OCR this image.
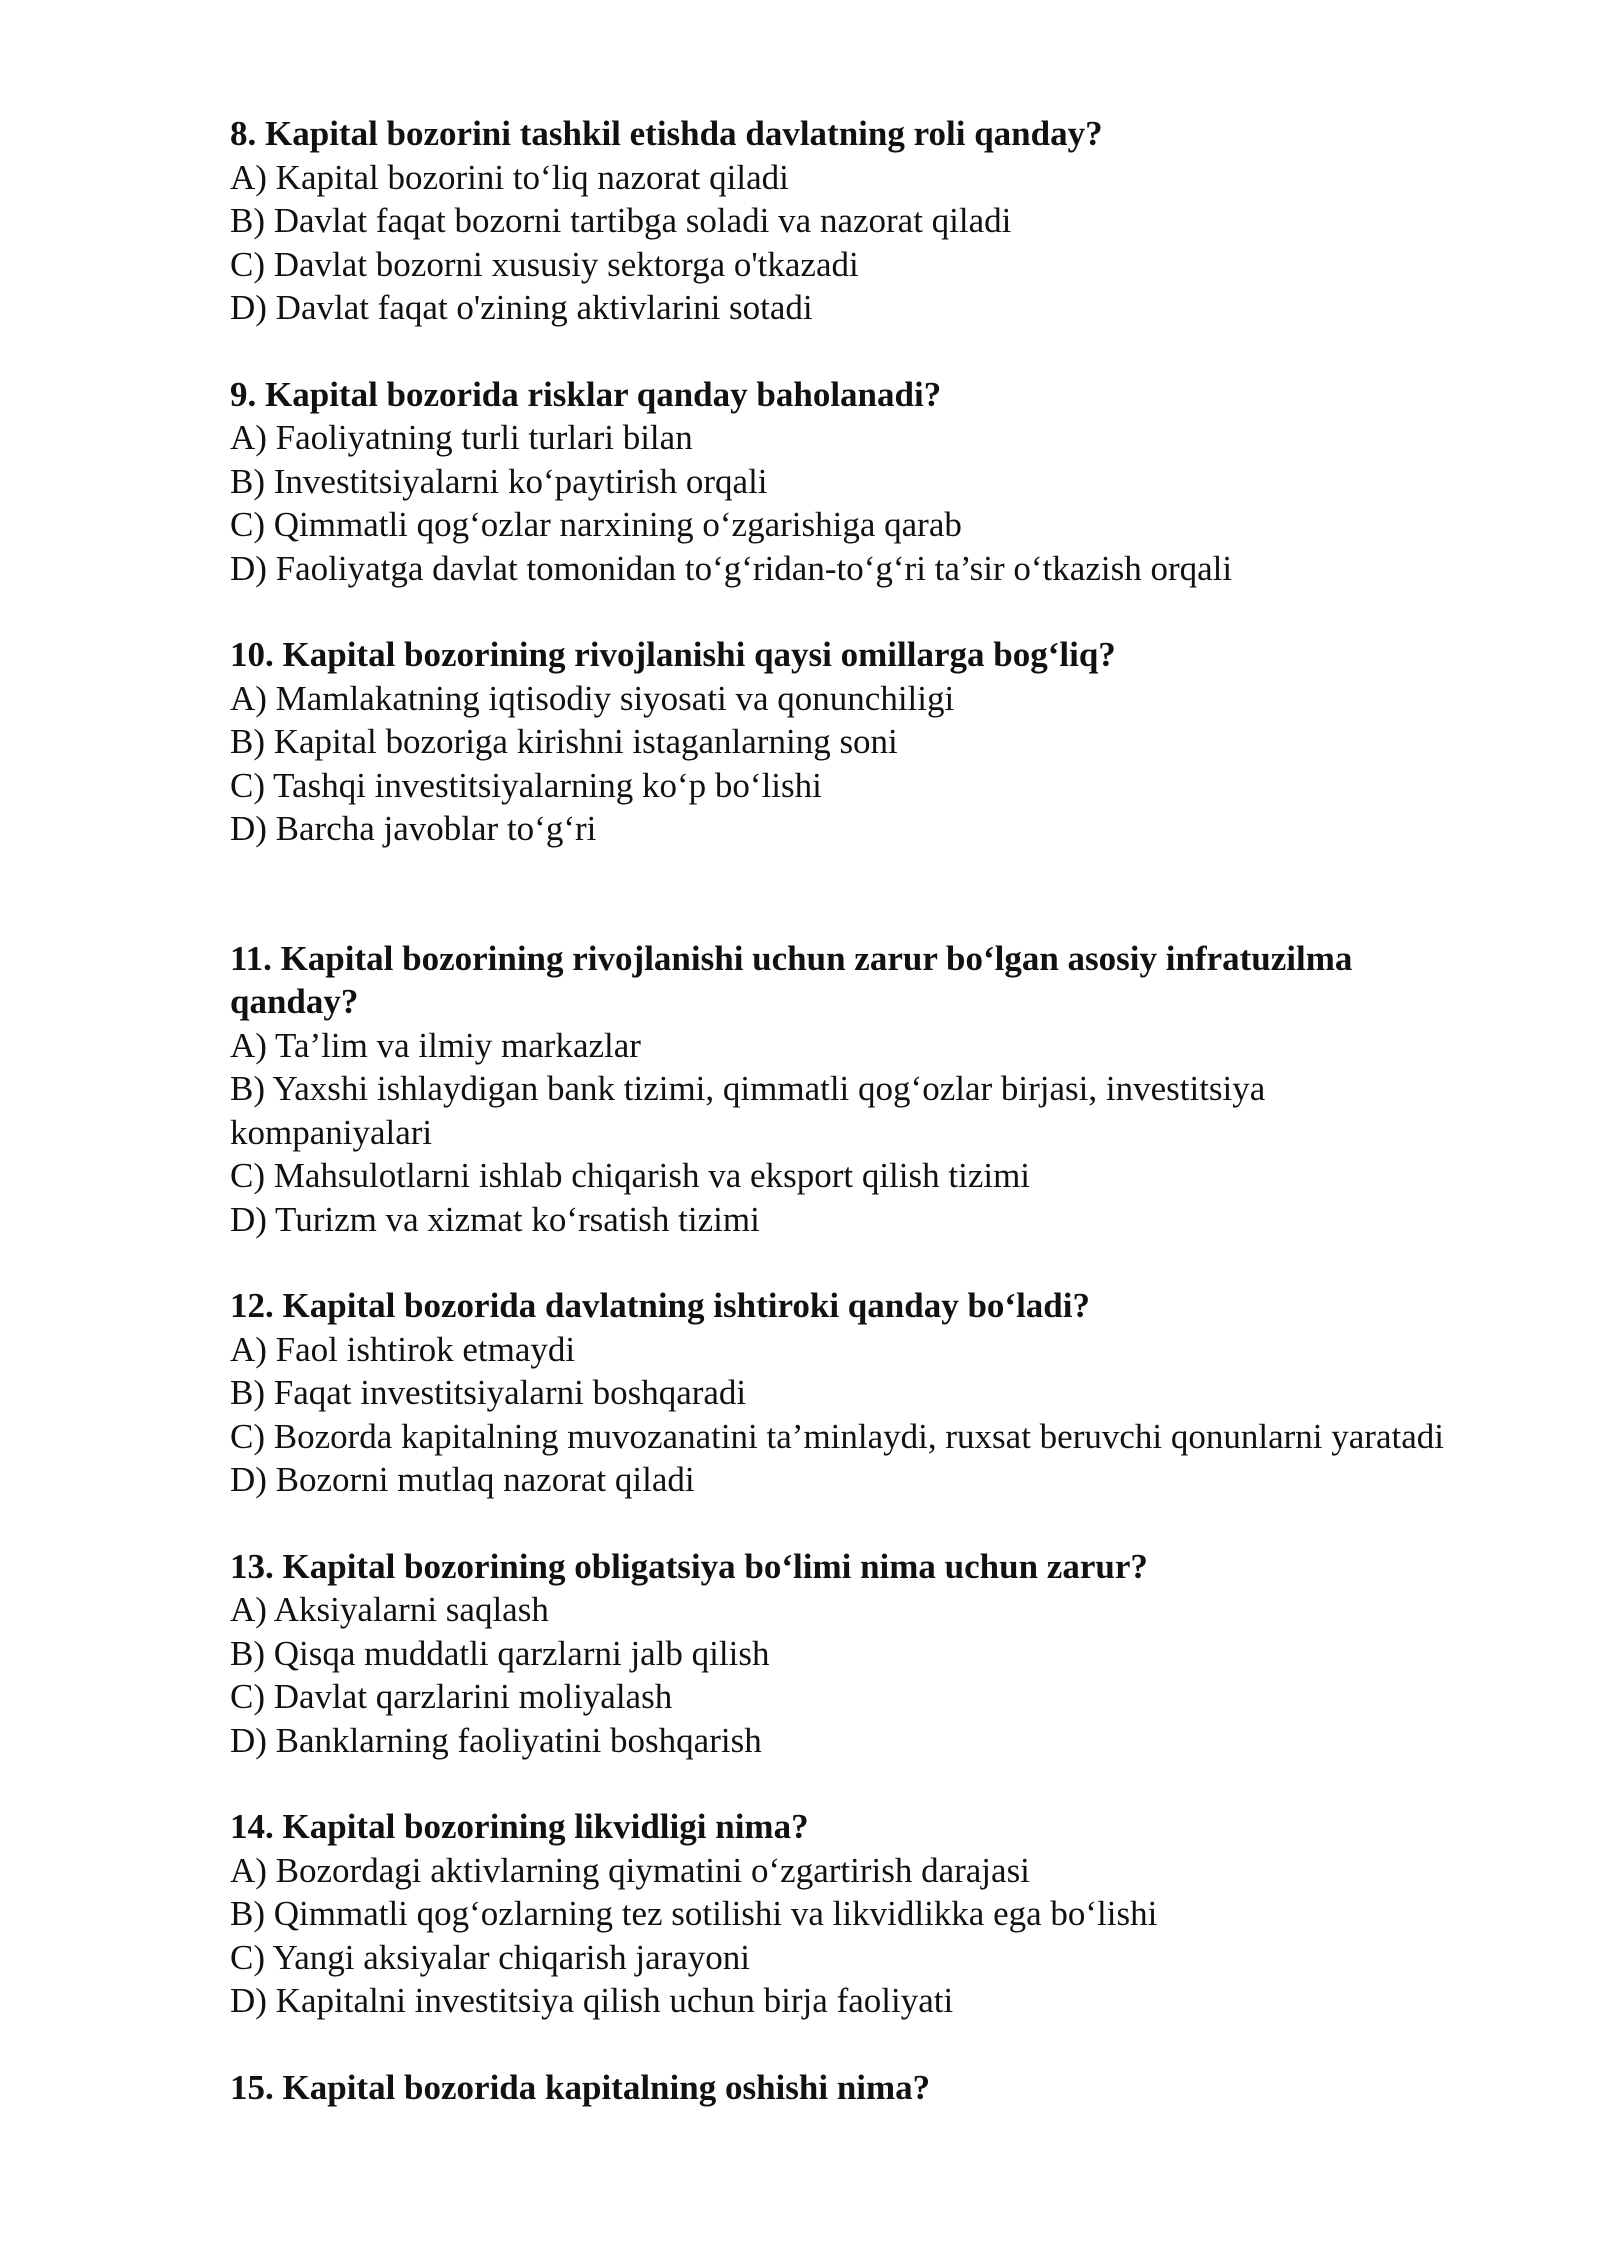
8. Kapital bozorini tashkil etishda davlatning roli qanday?

A) Kapital bozorini to‘liq nazorat qiladi

B) Davlat faqat bozorni tartibga soladi va nazorat qiladi

C) Davlat bozorni xususiy sektorga o'tkazadi

D) Davlat faqat o'zining aktivlarini sotadi

9. Kapital bozorida risklar qanday baholanadi?

A) Faoliyatning turli turlari bilan

B) Investitsiyalarni ko‘paytirish orqali

C) Qimmatli qog‘ozlar narxining o‘zgarishiga qarab

D) Faoliyatga davlat tomonidan to‘g‘ridan-to‘g‘ri ta’sir o‘tkazish orqali

10. Kapital bozorining rivojlanishi qaysi omillarga bog‘liq?

A) Mamlakatning iqtisodiy siyosati va qonunchiligi

B) Kapital bozoriga kirishni istaganlarning soni

C) Tashqi investitsiyalarning ko‘p bo‘lishi

D) Barcha javoblar to‘g‘ri

11. Kapital bozorining rivojlanishi uchun zarur bo‘lgan asosiy infratuzilma qanday?

A) Ta’lim va ilmiy markazlar

B) Yaxshi ishlaydigan bank tizimi, qimmatli qog‘ozlar birjasi, investitsiya kompaniyalari

C) Mahsulotlarni ishlab chiqarish va eksport qilish tizimi

D) Turizm va xizmat ko‘rsatish tizimi

12. Kapital bozorida davlatning ishtiroki qanday bo‘ladi?

A) Faol ishtirok etmaydi

B) Faqat investitsiyalarni boshqaradi

C) Bozorda kapitalning muvozanatini ta’minlaydi, ruxsat beruvchi qonunlarni yaratadi

D) Bozorni mutlaq nazorat qiladi

13. Kapital bozorining obligatsiya bo‘limi nima uchun zarur?

A) Aksiyalarni saqlash

B) Qisqa muddatli qarzlarni jalb qilish

C) Davlat qarzlarini moliyalash

D) Banklarning faoliyatini boshqarish

14. Kapital bozorining likvidligi nima?

A) Bozordagi aktivlarning qiymatini o‘zgartirish darajasi

B) Qimmatli qog‘ozlarning tez sotilishi va likvidlikka ega bo‘lishi

C) Yangi aksiyalar chiqarish jarayoni

D) Kapitalni investitsiya qilish uchun birja faoliyati

15. Kapital bozorida kapitalning oshishi nima?
